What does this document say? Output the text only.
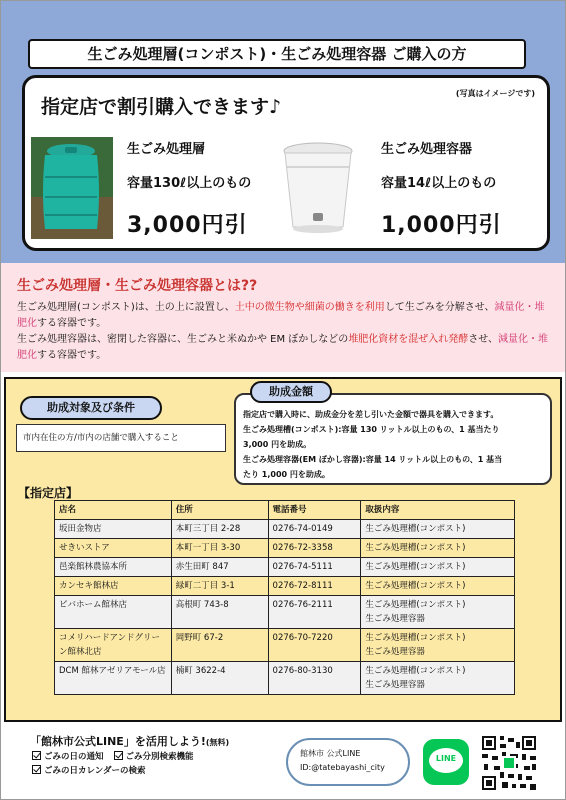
生ごみ処理層(コンポスト)・生ごみ処理容器 ご購入の方
指定店で割引購入できます♪
(写真はイメージです)
生ごみ処理層
容量130ℓ以上のもの
3,000円引
生ごみ処理容器
容量14ℓ以上のもの
1,000円引
生ごみ処理層・生ごみ処理容器とは??
生ごみ処理層(コンポスト)は、土の上に設置し、土中の微生物や細菌の働きを利用して生ごみを分解させ、減量化・堆肥化する容器です。
生ごみ処理容器は、密閉した容器に、生ごみと米ぬかや EM ぼかしなどの堆肥化資材を混ぜ入れ発酵させ、減量化・堆肥化する容器です。
助成対象及び条件
市内在住の方/市内の店舗で購入すること
指定店で購入時に、助成金分を差し引いた金額で器具を購入できます。
生ごみ処理槽(コンポスト):容量 130 リットル以上のもの、1 基当たり
3,000 円を助成。
生ごみ処理容器(EM ぼかし容器):容量 14 リットル以上のもの、1 基当
たり 1,000 円を助成。
助成金額
【指定店】
店名	住所	電話番号	取扱内容
坂田金物店	本町三丁目 2-28	0276-74-0149	生ごみ処理槽(コンポスト)

せきいストア	本町一丁目 3-30	0276-72-3358	生ごみ処理槽(コンポスト)

邑楽館林農協本所	赤生田町 847	0276-74-5111	生ごみ処理槽(コンポスト)

カンセキ館林店	緑町二丁目 3-1	0276-72-8111	生ごみ処理槽(コンポスト)

ビバホーム館林店	高根町 743-8	0276-76-2111	生ごみ処理槽(コンポスト)
生ごみ処理容器

コメリハードアンドグリーン館林北店	岡野町 67-2	0276-70-7220	生ごみ処理槽(コンポスト)
生ごみ処理容器

DCM 館林アゼリアモール店	楠町 3622-4	0276-80-3130	生ごみ処理槽(コンポスト)
生ごみ処理容器
「館林市公式LINE」を活用しよう!(無料)
ごみの日の通知	ごみ分別検索機能
ごみの日カレンダーの検索
館林市 公式LINE
ID:@tatebayashi_city
LINE
